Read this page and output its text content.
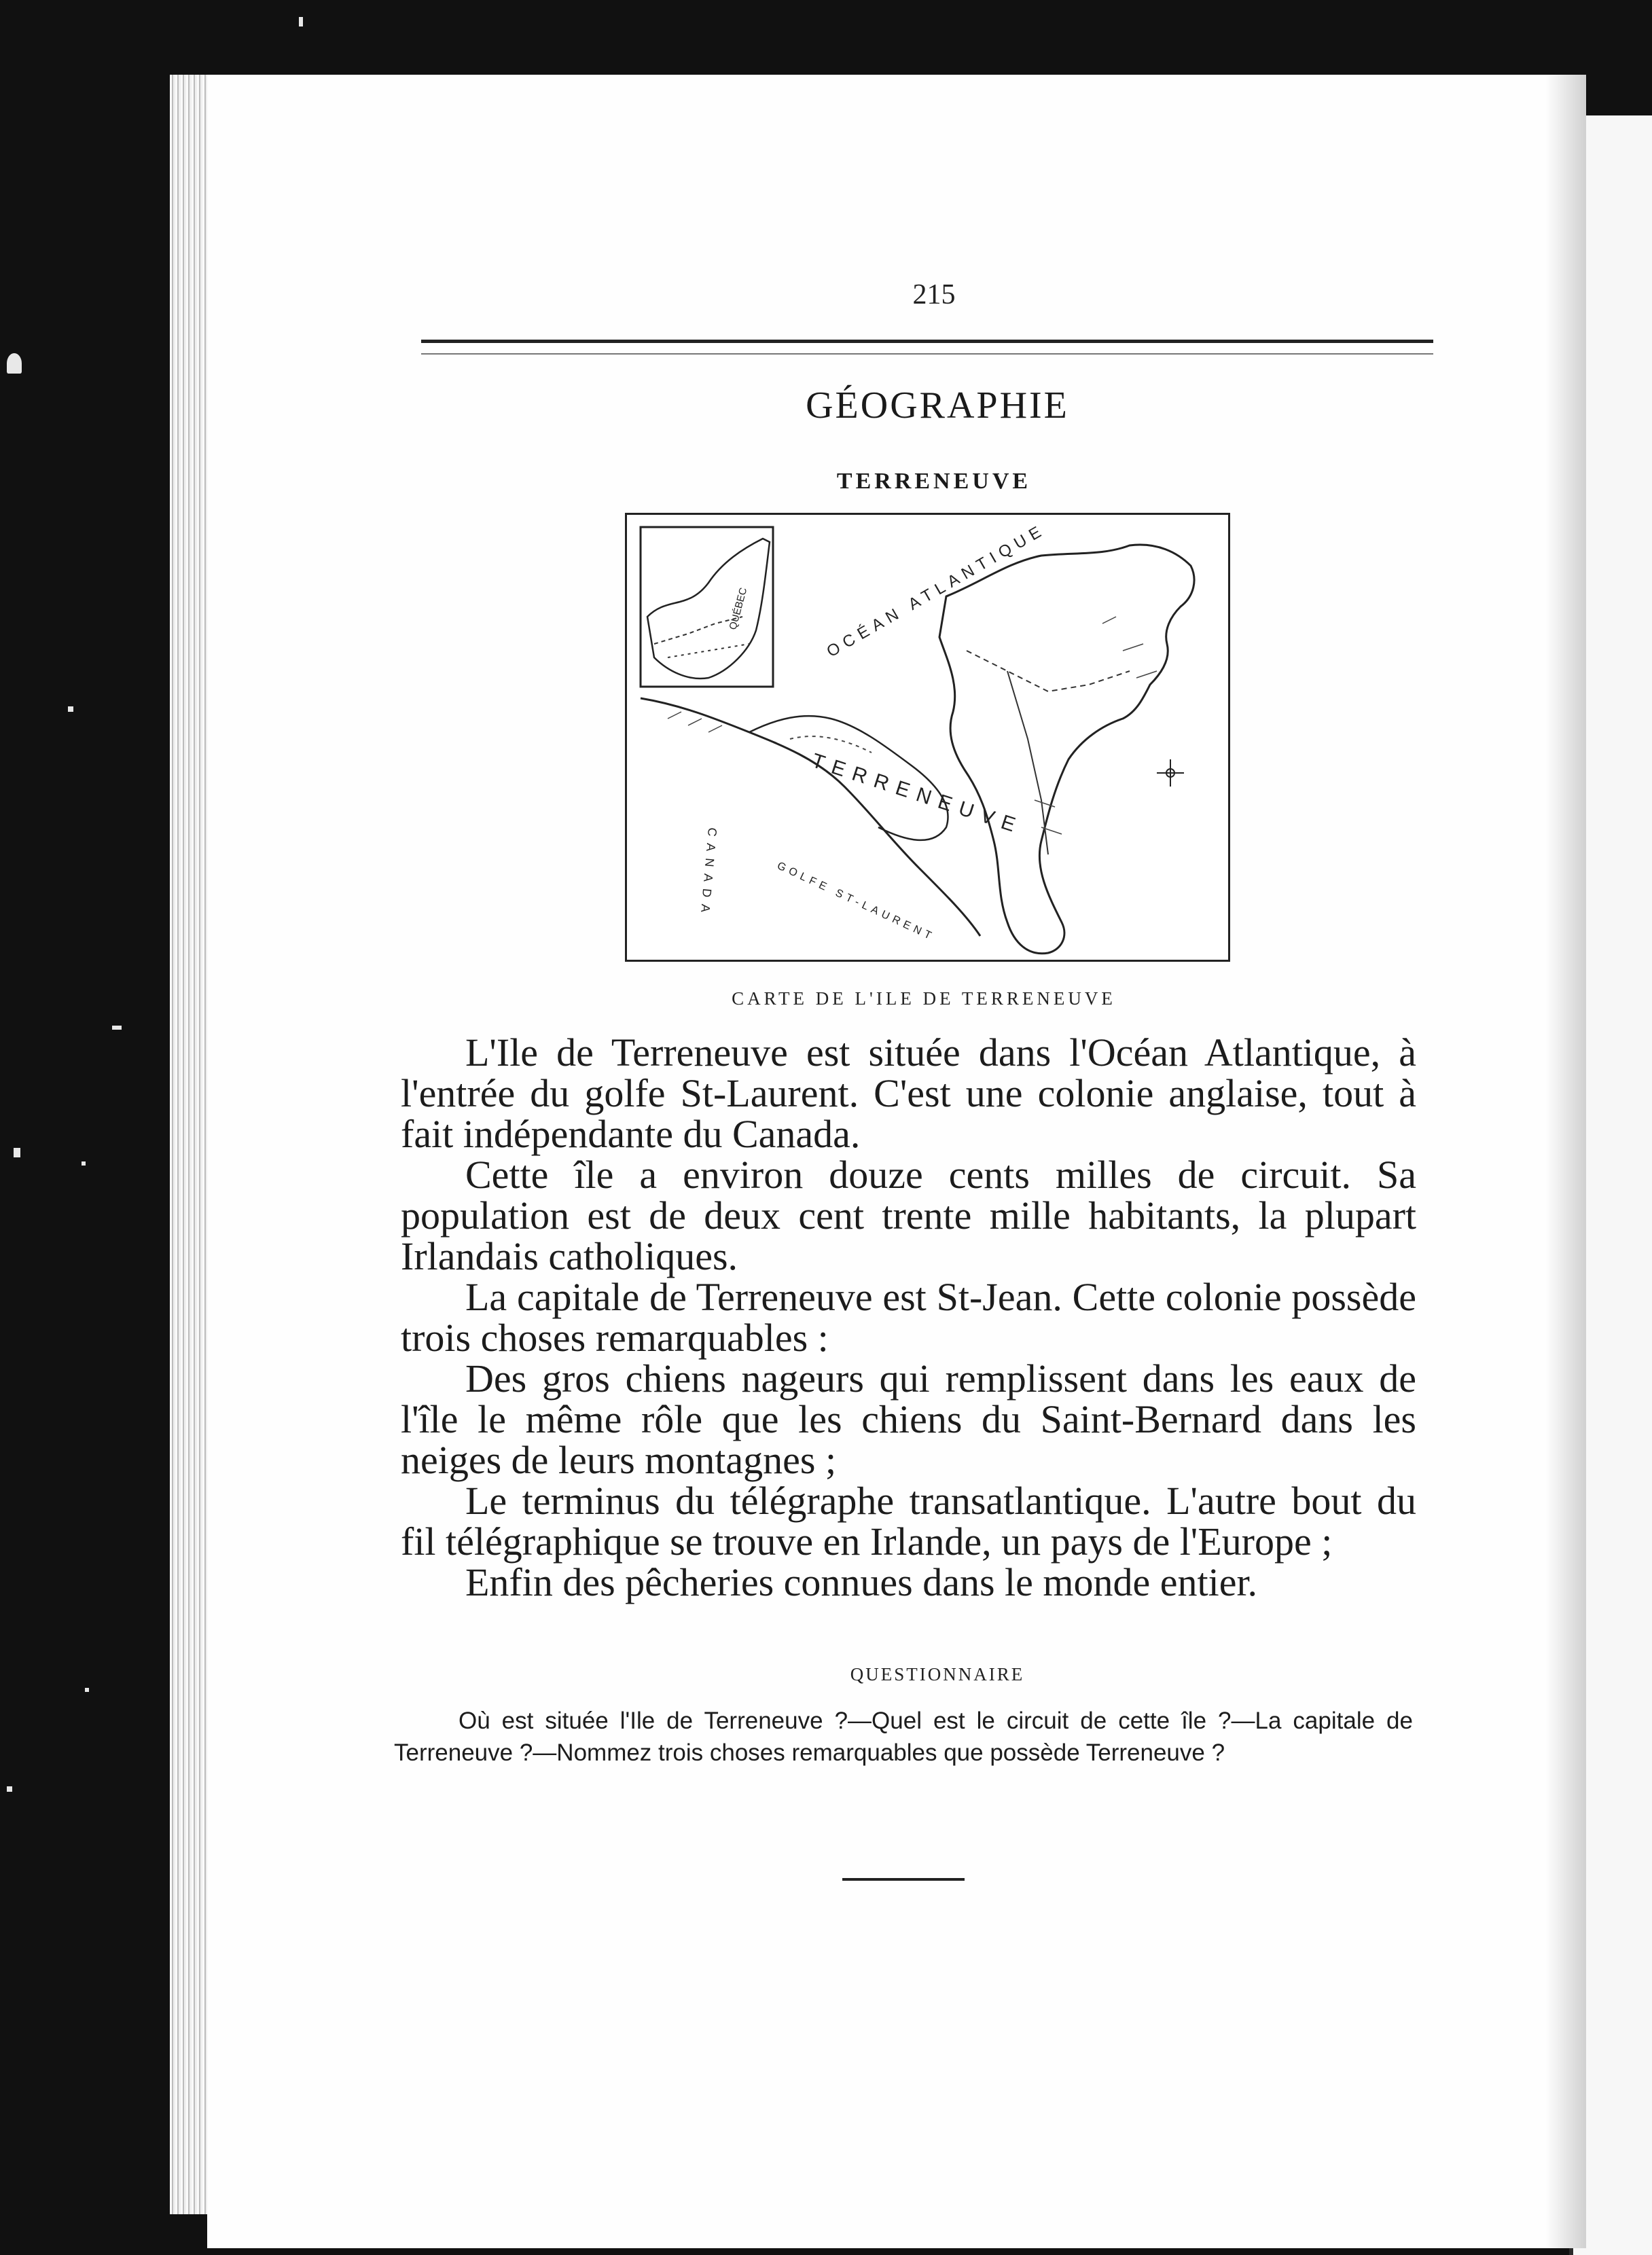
215
GÉOGRAPHIE
TERRENEUVE
QUÉBEC	OCÉAN ATLANTIQUE
TERRENEUVE
CANADA	GOLFE ST-LAURENT
CARTE DE L'ILE DE TERRENEUVE

L'Ile de Terreneuve est située dans l'Océan Atlantique, à l'entrée du golfe St-Laurent. C'est une colonie anglaise, tout à fait indépendante du Canada.

Cette île a environ douze cents milles de circuit. Sa population est de deux cent trente mille habitants, la plupart Irlandais catholiques.

La capitale de Terreneuve est St-Jean. Cette colonie possède trois choses remarquables :

Des gros chiens nageurs qui remplissent dans les eaux de l'île le même rôle que les chiens du Saint-Bernard dans les neiges de leurs montagnes ;

Le terminus du télégraphe transatlantique. L'autre bout du fil télégraphique se trouve en Irlande, un pays de l'Europe ;

Enfin des pêcheries connues dans le monde entier.

QUESTIONNAIRE

Où est située l'Ile de Terreneuve ?—Quel est le circuit de cette île ?—La capitale de Terreneuve ?—Nommez trois choses remarquables que possède Terreneuve ?
